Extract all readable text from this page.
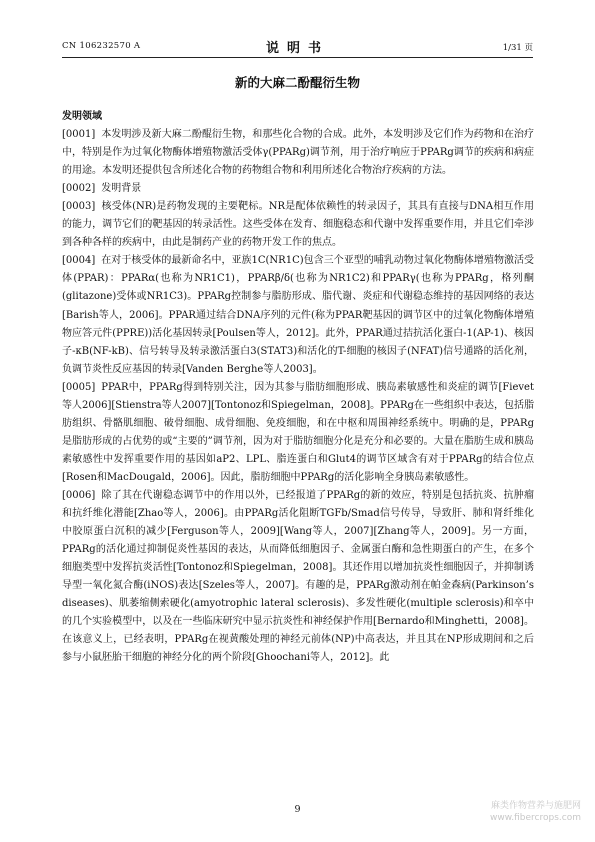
CN 106232570 A	说明书	1/31 页
新的大麻二酚醌衍生物
发明领域
[0001] 本发明涉及新大麻二酚醌衍生物，和那些化合物的合成。此外，本发明涉及它们作为药物和在治疗中，特别是作为过氧化物酶体增殖物激活受体γ(PPARg)调节剂，用于治疗响应于PPARg调节的疾病和病症的用途。本发明还提供包含所述化合物的药物组合物和利用所述化合物治疗疾病的方法。
[0002] 发明背景
[0003] 核受体(NR)是药物发现的主要靶标。NR是配体依赖性的转录因子，其具有直接与DNA相互作用的能力，调节它们的靶基因的转录活性。这些受体在发育、细胞稳态和代谢中发挥重要作用，并且它们牵涉到各种各样的疾病中，由此是制药产业的药物开发工作的焦点。
[0004] 在对于核受体的最新命名中，亚族1C(NR1C)包含三个亚型的哺乳动物过氧化物酶体增殖物激活受体(PPAR)：PPARα(也称为NR1C1)，PPARβ/δ(也称为NR1C2)和PPARγ(也称为PPARg，格列酮(glitazone)受体或NR1C3)。PPARg控制参与脂肪形成、脂代谢、炎症和代谢稳态维持的基因网络的表达[Barish等人，2006]。PPAR通过结合DNA序列的元件(称为PPAR靶基因的调节区中的过氧化物酶体增殖物应答元件(PPRE))活化基因转录[Poulsen等人，2012]。此外，PPAR通过拮抗活化蛋白-1(AP-1)、核因子-κB(NF-kB)、信号转导及转录激活蛋白3(STAT3)和活化的T-细胞的核因子(NFAT)信号通路的活化剂，负调节炎性反应基因的转录[Vanden Berghe等人2003]。
[0005] PPAR中，PPARg得到特别关注，因为其参与脂肪细胞形成、胰岛素敏感性和炎症的调节[Fievet等人2006][Stienstra等人2007][Tontonoz和Spiegelman，2008]。PPARg在一些组织中表达，包括脂肪组织、骨骼肌细胞、破骨细胞、成骨细胞、免疫细胞，和在中枢和周围神经系统中。明确的是，PPARg是脂肪形成的占优势的或“主要的”调节剂，因为对于脂肪细胞分化是充分和必要的。大量在脂肪生成和胰岛素敏感性中发挥重要作用的基因如aP2、LPL、脂连蛋白和Glut4的调节区域含有对于PPARg的结合位点[Rosen和MacDougald，2006]。因此，脂肪细胞中PPARg的活化影响全身胰岛素敏感性。
[0006] 除了其在代谢稳态调节中的作用以外，已经报道了PPARg的新的效应，特别是包括抗炎、抗肿瘤和抗纤维化潜能[Zhao等人，2006]。由PPARg活化阻断TGFb/Smad信号传导，导致肝、肺和肾纤维化中胶原蛋白沉积的减少[Ferguson等人，2009][Wang等人，2007][Zhang等人，2009]。另一方面，PPARg的活化通过抑制促炎性基因的表达，从而降低细胞因子、金属蛋白酶和急性期蛋白的产生，在多个细胞类型中发挥抗炎活性[Tontonoz和Spiegelman，2008]。其还作用以增加抗炎性细胞因子，并抑制诱导型一氧化氮合酶(iNOS)表达[Szeles等人，2007]。有趣的是，PPARg激动剂在帕金森病(Parkinson’s diseases)、肌萎缩侧索硬化(amyotrophic lateral sclerosis)、多发性硬化(multiple sclerosis)和卒中的几个实验模型中，以及在一些临床研究中显示抗炎性和神经保护作用[Bernardo和Minghetti，2008]。在该意义上，已经表明，PPARg在视黄酸处理的神经元前体(NP)中高表达，并且其在NP形成期间和之后参与小鼠胚胎干细胞的神经分化的两个阶段[Ghoochani等人，2012]。此
9	麻类作物营养与施肥网
www.fibercrops.com
